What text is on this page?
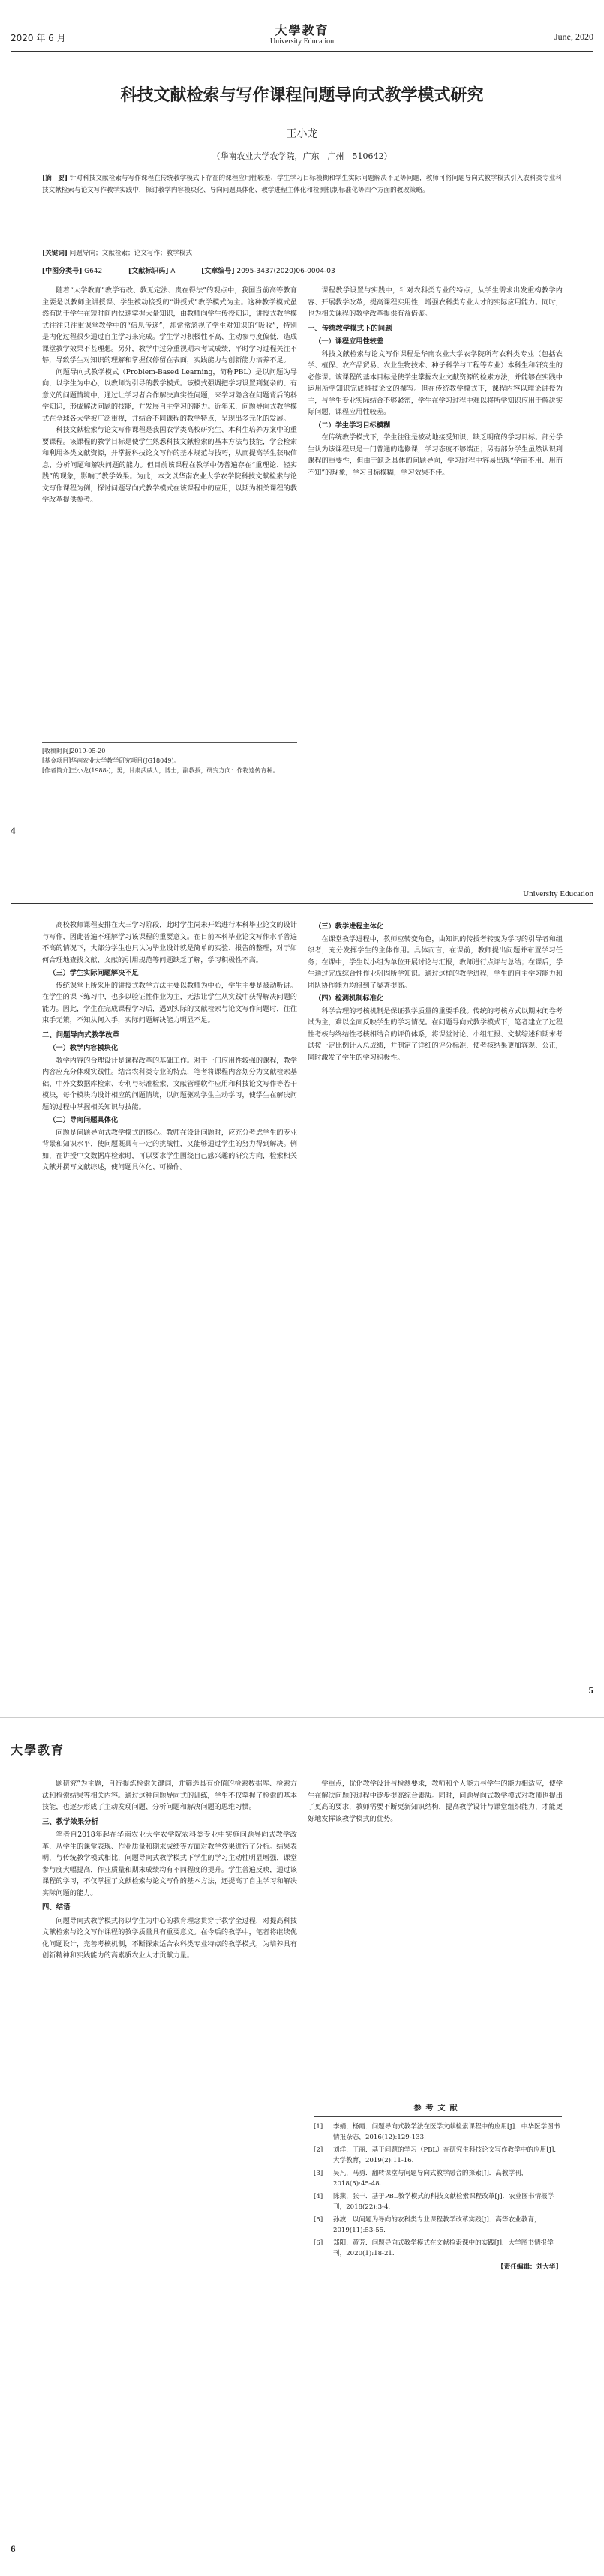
2020 年 6 月
大學教育
University Education	June, 2020
科技文献检索与写作课程问题导向式教学模式研究
王小龙
（华南农业大学农学院，广东　广州　510642）
[摘　要] 针对科技文献检索与写作课程在传统教学模式下存在的课程应用性较差、学生学习目标模糊和学生实际问题解决不足等问题，教师可将问题导向式教学模式引入农科类专业科技文献检索与论文写作教学实践中，探讨教学内容模块化、导向问题具体化、教学进程主体化和检测机制标准化等四个方面的教改策略。
[关键词] 问题导向；文献检索；论文写作；教学模式
[中图分类号] G642	[文献标识码] A	[文章编号] 2095-3437(2020)06-0004-03

随着“大学教育”教学有改、教无定法、贵在得法”的观点中，我国当前高等教育主要是以教师主讲授课、学生被动接受的“讲授式”教学模式为主。这种教学模式虽然有助于学生在短时间内快速掌握大量知识，由教师向学生传授知识，讲授式教学模式往往只注重课堂教学中的“信息传递”，却常常忽视了学生对知识的“吸收”，特别是内化过程很少通过自主学习来完成。学生学习积极性不高、主动参与度偏低，造成课堂教学效果不甚理想。另外，教学中过分重视期末考试成绩，平时学习过程关注不够，导致学生对知识的理解和掌握仅停留在表面，实践能力与创新能力培养不足。

问题导向式教学模式（Problem-Based Learning，简称PBL）是以问题为导向，以学生为中心，以教师为引导的教学模式。该模式强调把学习设置到复杂的、有意义的问题情境中，通过让学习者合作解决真实性问题，来学习隐含在问题背后的科学知识，形成解决问题的技能，并发展自主学习的能力。近年来，问题导向式教学模式在全球各大学被广泛重视，并结合不同课程的教学特点，呈现出多元化的发展。

科技文献检索与论文写作课程是我国农学类高校研究生、本科生培养方案中的重要课程。该课程的教学目标是使学生熟悉科技文献检索的基本方法与技能，学会检索和利用各类文献资源，并掌握科技论文写作的基本规范与技巧，从而提高学生获取信息、分析问题和解决问题的能力。但目前该课程在教学中仍普遍存在“重理论、轻实践”的现象，影响了教学效果。为此，本文以华南农业大学农学院科技文献检索与论文写作课程为例，探讨问题导向式教学模式在该课程中的应用，以期为相关课程的教学改革提供参考。

课程教学设置与实践中，针对农科类专业的特点，从学生需求出发重构教学内容、开展教学改革，提高课程实用性，增强农科类专业人才的实际应用能力。同时，也为相关课程的教学改革提供有益借鉴。

一、传统教学模式下的问题
（一）课程应用性较差

科技文献检索与论文写作课程是华南农业大学农学院所有农科类专业（包括农学、植保、农产品贸易、农业生物技术、种子科学与工程等专业）本科生和研究生的必修课。该课程的基本目标是使学生掌握农业文献资源的检索方法，并能够在实践中运用所学知识完成科技论文的撰写。但在传统教学模式下，课程内容以理论讲授为主，与学生专业实际结合不够紧密，学生在学习过程中难以将所学知识应用于解决实际问题，课程应用性较差。

（二）学生学习目标模糊

在传统教学模式下，学生往往是被动地接受知识，缺乏明确的学习目标。部分学生认为该课程只是一门普通的选修课，学习态度不够端正；另有部分学生虽然认识到课程的重要性，但由于缺乏具体的问题导向，学习过程中容易出现“学而不用、用而不知”的现象，学习目标模糊，学习效果不佳。

[收稿时间]2019-05-20
[基金项目]华南农业大学教学研究项目(JG18049)。
[作者简介]王小龙(1988-)，男，甘肃武威人，博士，副教授，研究方向：作物遗传育种。
4
University Education

高校教师课程安排在大三学习阶段，此时学生尚未开始进行本科毕业论文的设计与写作，因此普遍不理解学习该课程的重要意义。在目前本科毕业论文写作水平普遍不高的情况下，大部分学生也只认为毕业设计就是简单的实验、报告的整理，对于如何合理地查找文献、文献的引用规范等问题缺乏了解，学习积极性不高。

（三）学生实际问题解决不足

传统课堂上所采用的讲授式教学方法主要以教师为中心，学生主要是被动听讲。在学生的课下练习中，也多以验证性作业为主，无法让学生从实践中获得解决问题的能力。因此，学生在完成课程学习后，遇到实际的文献检索与论文写作问题时，往往束手无策，不知从何入手，实际问题解决能力明显不足。

二、问题导向式教学改革
（一）教学内容模块化

教学内容的合理设计是课程改革的基础工作。对于一门应用性较强的课程，教学内容应充分体现实践性。结合农科类专业的特点，笔者将课程内容划分为文献检索基础、中外文数据库检索、专利与标准检索、文献管理软件应用和科技论文写作等若干模块，每个模块均设计相应的问题情境，以问题驱动学生主动学习，使学生在解决问题的过程中掌握相关知识与技能。

（二）导向问题具体化

问题是问题导向式教学模式的核心。教师在设计问题时，应充分考虑学生的专业背景和知识水平，使问题既具有一定的挑战性，又能够通过学生的努力得到解决。例如，在讲授中文数据库检索时，可以要求学生围绕自己感兴趣的研究方向，检索相关文献并撰写文献综述，使问题具体化、可操作。

（三）教学进程主体化

在课堂教学进程中，教师应转变角色，由知识的传授者转变为学习的引导者和组织者，充分发挥学生的主体作用。具体而言，在课前，教师提出问题并布置学习任务；在课中，学生以小组为单位开展讨论与汇报，教师进行点评与总结；在课后，学生通过完成综合性作业巩固所学知识。通过这样的教学进程，学生的自主学习能力和团队协作能力均得到了显著提高。

（四）检测机制标准化

科学合理的考核机制是保证教学质量的重要手段。传统的考核方式以期末闭卷考试为主，难以全面反映学生的学习情况。在问题导向式教学模式下，笔者建立了过程性考核与终结性考核相结合的评价体系，将课堂讨论、小组汇报、文献综述和期末考试按一定比例计入总成绩，并制定了详细的评分标准，使考核结果更加客观、公正，同时激发了学生的学习积极性。

5
大學教育

题研究”为主题，自行提炼检索关键词，并筛选具有价值的检索数据库、检索方法和检索结果等相关内容。通过这种问题导向式的训练，学生不仅掌握了检索的基本技能，也逐步形成了主动发现问题、分析问题和解决问题的思维习惯。

三、教学效果分析

笔者自2018年起在华南农业大学农学院农科类专业中实施问题导向式教学改革，从学生的课堂表现、作业质量和期末成绩等方面对教学效果进行了分析。结果表明，与传统教学模式相比，问题导向式教学模式下学生的学习主动性明显增强，课堂参与度大幅提高，作业质量和期末成绩均有不同程度的提升。学生普遍反映，通过该课程的学习，不仅掌握了文献检索与论文写作的基本方法，还提高了自主学习和解决实际问题的能力。

四、结语

问题导向式教学模式将以学生为中心的教育理念贯穿于教学全过程，对提高科技文献检索与论文写作课程的教学质量具有重要意义。在今后的教学中，笔者将继续优化问题设计，完善考核机制，不断探索适合农科类专业特点的教学模式，为培养具有创新精神和实践能力的高素质农业人才贡献力量。

学重点，优化教学设计与检测要求，教师和个人能力与学生的能力相适应，使学生在解决问题的过程中逐步提高综合素质。同时，问题导向式教学模式对教师也提出了更高的要求，教师需要不断更新知识结构，提高教学设计与课堂组织能力，才能更好地发挥该教学模式的优势。

参考文献
[1]	李娟，杨霞．问题导向式教学法在医学文献检索课程中的应用[J]．中华医学图书情报杂志，2016(12):129-133.
[2]	刘洋，王丽．基于问题的学习（PBL）在研究生科技论文写作教学中的应用[J]．大学教育，2019(2):11-16.
[3]	吴凡，马勇．翻转课堂与问题导向式教学融合的探索[J]．高教学刊，2018(5):45-48.
[4]	陈燕，张丰．基于PBL教学模式的科技文献检索课程改革[J]．农业图书情报学刊，2018(22):3-4.
[5]	孙波．以问题为导向的农科类专业课程教学改革实践[J]．高等农业教育，2019(11):53-55.
[6]	郑阳，黄芳．问题导向式教学模式在文献检索课中的实践[J]．大学图书情报学刊，2020(1):18-21.
【责任编辑：刘大华】
6
